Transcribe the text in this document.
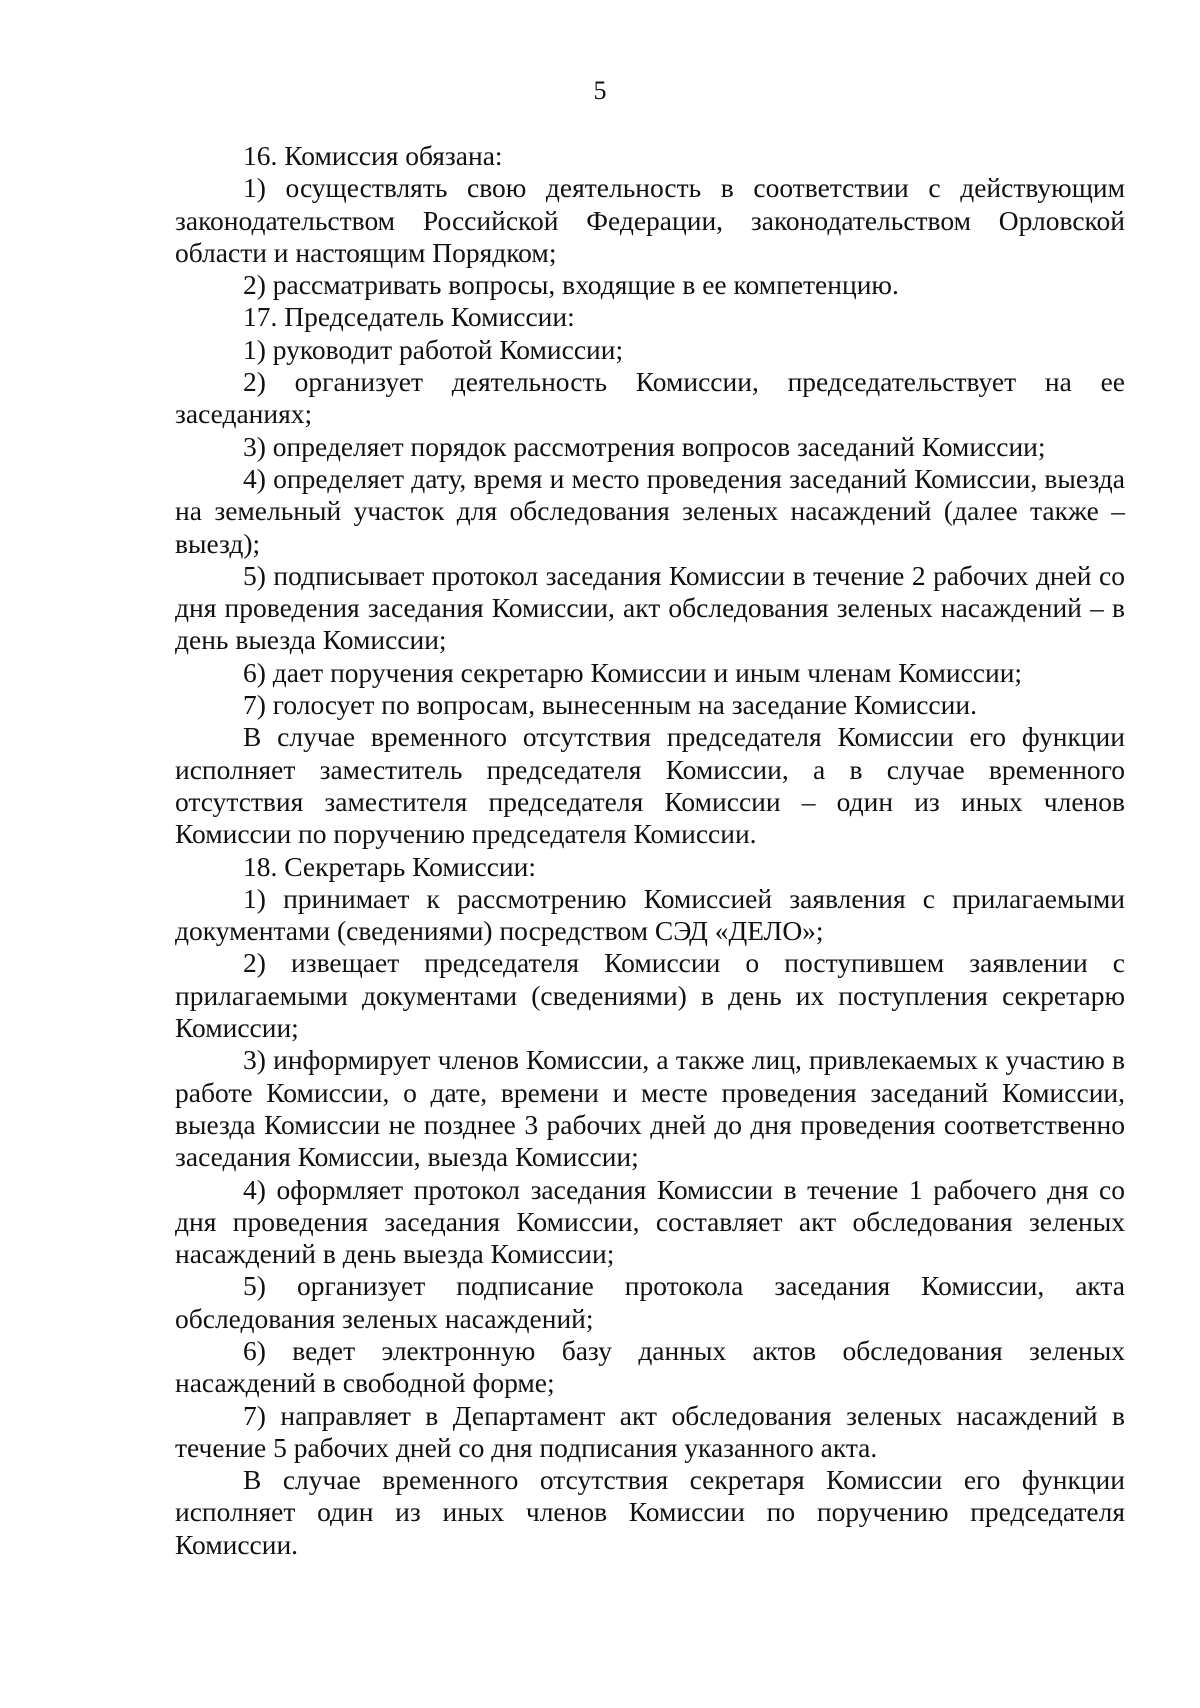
5

16. Комиссия обязана:

1) осуществлять свою деятельность в соответствии с действующим законодательством Российской Федерации, законодательством Орловской области и настоящим Порядком;

2) рассматривать вопросы, входящие в ее компетенцию.

17. Председатель Комиссии:

1) руководит работой Комиссии;

2) организует деятельность Комиссии, председательствует на ее заседаниях;

3) определяет порядок рассмотрения вопросов заседаний Комиссии;

4) определяет дату, время и место проведения заседаний Комиссии, выезда на земельный участок для обследования зеленых насаждений (далее также – выезд);

5) подписывает протокол заседания Комиссии в течение 2 рабочих дней со дня проведения заседания Комиссии, акт обследования зеленых насаждений – в день выезда Комиссии;

6) дает поручения секретарю Комиссии и иным членам Комиссии;

7) голосует по вопросам, вынесенным на заседание Комиссии.

В случае временного отсутствия председателя Комиссии его функции исполняет заместитель председателя Комиссии, а в случае временного отсутствия заместителя председателя Комиссии – один из иных членов Комиссии по поручению председателя Комиссии.

18. Секретарь Комиссии:

1) принимает к рассмотрению Комиссией заявления с прилагаемыми документами (сведениями) посредством СЭД «ДЕЛО»;

2) извещает председателя Комиссии о поступившем заявлении с прилагаемыми документами (сведениями) в день их поступления секретарю Комиссии;

3) информирует членов Комиссии, а также лиц, привлекаемых к участию в работе Комиссии, о дате, времени и месте проведения заседаний Комиссии, выезда Комиссии не позднее 3 рабочих дней до дня проведения соответственно заседания Комиссии, выезда Комиссии;

4) оформляет протокол заседания Комиссии в течение 1 рабочего дня со дня проведения заседания Комиссии, составляет акт обследования зеленых насаждений в день выезда Комиссии;

5) организует подписание протокола заседания Комиссии, акта обследования зеленых насаждений;

6) ведет электронную базу данных актов обследования зеленых насаждений в свободной форме;

7) направляет в Департамент акт обследования зеленых насаждений в течение 5 рабочих дней со дня подписания указанного акта.

В случае временного отсутствия секретаря Комиссии его функции исполняет один из иных членов Комиссии по поручению председателя Комиссии.
